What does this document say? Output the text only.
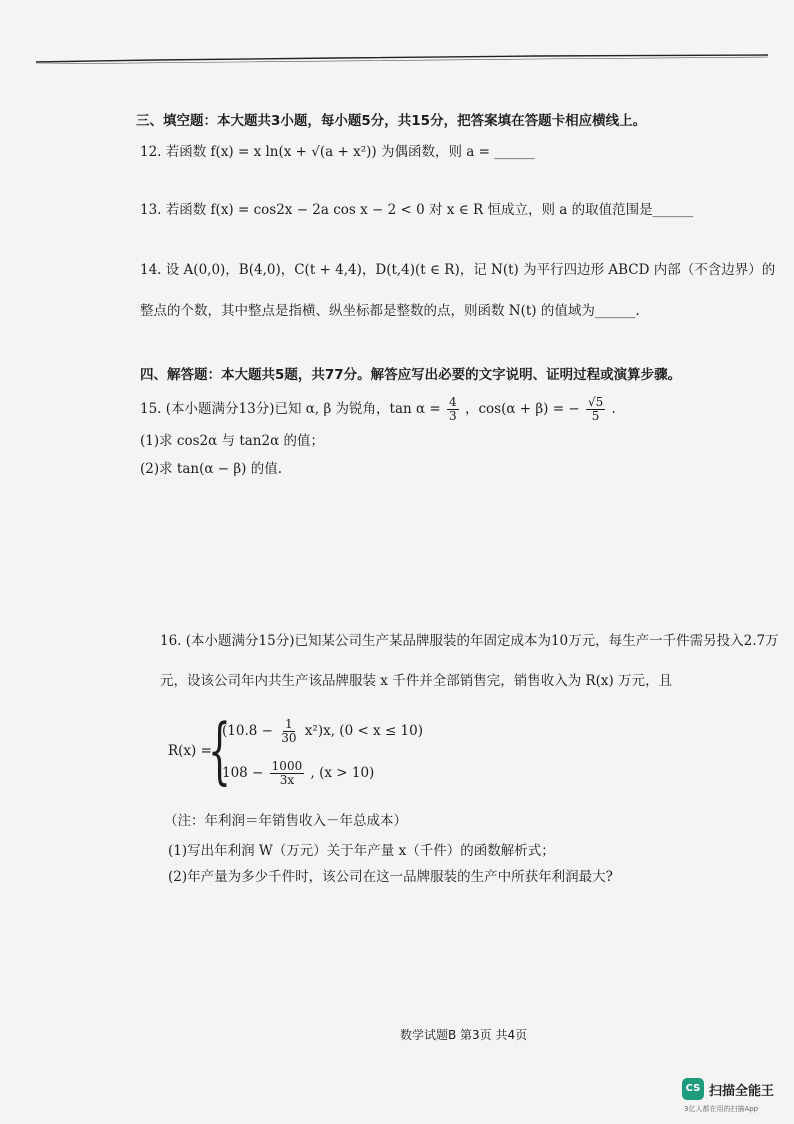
三、填空题：本大题共3小题，每小题5分，共15分，把答案填在答题卡相应横线上。
12. 若函数 f(x) = x ln(x + √(a + x²)) 为偶函数，则 a = ______
13. 若函数 f(x) = cos2x − 2a cos x − 2 < 0 对 x ∈ R 恒成立，则 a 的取值范围是______
14. 设 A(0,0)，B(4,0)，C(t + 4,4)，D(t,4)(t ∈ R)，记 N(t) 为平行四边形 ABCD 内部（不含边界）的
整点的个数，其中整点是指横、纵坐标都是整数的点，则函数 N(t) 的值域为______.
四、解答题：本大题共5题，共77分。解答应写出必要的文字说明、证明过程或演算步骤。
15. (本小题满分13分)已知 α, β 为锐角，$\tan \alpha = \frac{4}{3}$ ，cos(α + β) = − $\frac{√5}{5}$ .
(1)求 cos2α 与 tan2α 的值；
(2)求 tan(α − β) 的值.
16. (本小题满分15分)已知某公司生产某品牌服装的年固定成本为10万元，每生产一千件需另投入2.7万
元，设该公司年内共生产该品牌服装 x 千件并全部销售完，销售收入为 R(x) 万元，且
R(x) =
{
$(10.8 - \frac{1}{30} x^2)x$, (0 < x ≤ 10)
$108 - \frac{1000}{3x}$ , (x > 10)
（注：年利润＝年销售收入－年总成本）
(1)写出年利润 W（万元）关于年产量 x（千件）的函数解析式；
(2)年产量为多少千件时，该公司在这一品牌服装的生产中所获年利润最大?
数学试题B 第3页 共4页
CS 扫描全能王
3亿人都在用的扫描App
